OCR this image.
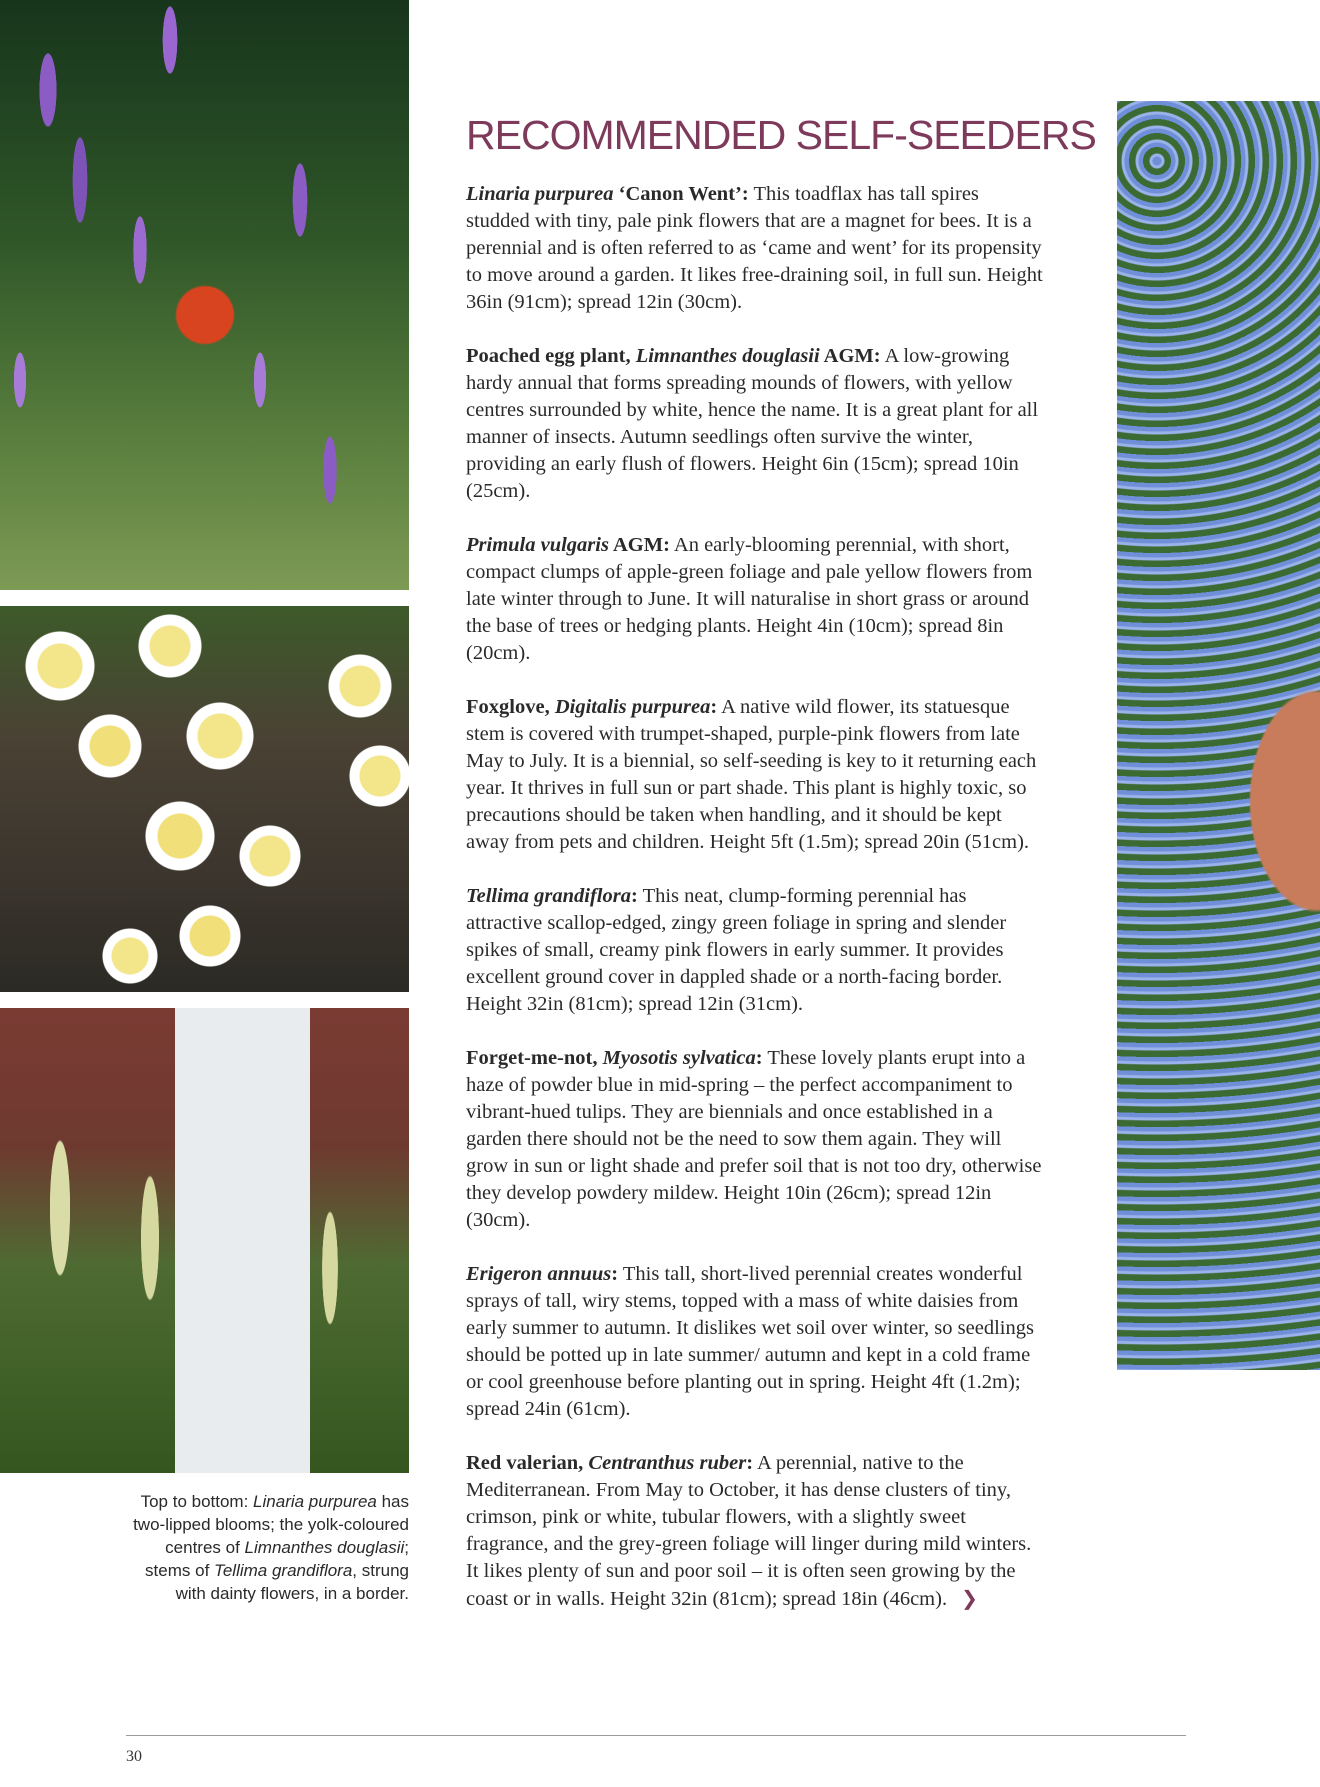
Top to bottom: Linaria purpurea has two-lipped blooms; the yolk-coloured centres of Limnanthes douglasii; stems of Tellima grandiflora, strung with dainty flowers, in a border.
RECOMMENDED SELF-SEEDERS

Linaria purpurea ‘Canon Went’: This toadflax has tall spires studded with tiny, pale pink flowers that are a magnet for bees. It is a perennial and is often referred to as ‘came and went’ for its propensity to move around a garden. It likes free-draining soil, in full sun. Height 36in (91cm); spread 12in (30cm).

Poached egg plant, Limnanthes douglasii AGM: A low-growing hardy annual that forms spreading mounds of flowers, with yellow centres surrounded by white, hence the name. It is a great plant for all manner of insects. Autumn seedlings often survive the winter, providing an early flush of flowers. Height 6in (15cm); spread 10in (25cm).

Primula vulgaris AGM: An early-blooming perennial, with short, compact clumps of apple-green foliage and pale yellow flowers from late winter through to June. It will naturalise in short grass or around the base of trees or hedging plants. Height 4in (10cm); spread 8in (20cm).

Foxglove, Digitalis purpurea: A native wild flower, its statuesque stem is covered with trumpet-shaped, purple-pink flowers from late May to July. It is a biennial, so self-seeding is key to it returning each year. It thrives in full sun or part shade. This plant is highly toxic, so precautions should be taken when handling, and it should be kept away from pets and children. Height 5ft (1.5m); spread 20in (51cm).

Tellima grandiflora: This neat, clump-forming perennial has attractive scallop-edged, zingy green foliage in spring and slender spikes of small, creamy pink flowers in early summer. It provides excellent ground cover in dappled shade or a north-facing border. Height 32in (81cm); spread 12in (31cm).

Forget-me-not, Myosotis sylvatica: These lovely plants erupt into a haze of powder blue in mid-spring – the perfect accompaniment to vibrant-hued tulips. They are biennials and once established in a garden there should not be the need to sow them again. They will grow in sun or light shade and prefer soil that is not too dry, otherwise they develop powdery mildew. Height 10in (26cm); spread 12in (30cm).

Erigeron annuus: This tall, short-lived perennial creates wonderful sprays of tall, wiry stems, topped with a mass of white daisies from early summer to autumn. It dislikes wet soil over winter, so seedlings should be potted up in late summer/ autumn and kept in a cold frame or cool greenhouse before planting out in spring. Height 4ft (1.2m); spread 24in (61cm).

Red valerian, Centranthus ruber: A perennial, native to the Mediterranean. From May to October, it has dense clusters of tiny, crimson, pink or white, tubular flowers, with a slightly sweet fragrance, and the grey-green foliage will linger during mild winters. It likes plenty of sun and poor soil – it is often seen growing by the coast or in walls. Height 32in (81cm); spread 18in (46cm). ❯

30
